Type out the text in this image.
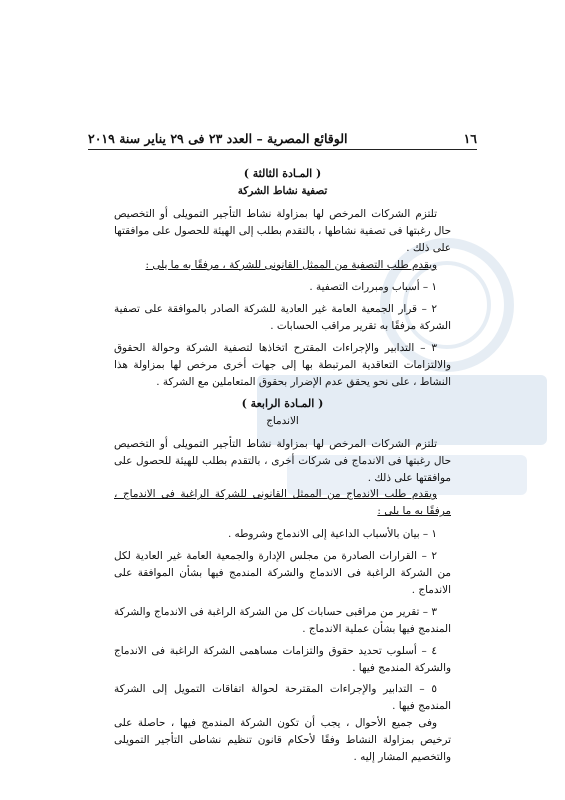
١٦
الوقائع المصرية – العدد ٢٣ فى ٢٩ يناير سنة ٢٠١٩
( المـادة الثالثة )
تصفية نشاط الشركة

تلتزم الشركات المرخص لها بمزاولة نشاط التأجير التمويلى أو التخصيص حال رغبتها فى تصفية نشاطها ، بالتقدم بطلب إلى الهيئة للحصول على موافقتها على ذلك .

ويقدم طلب التصفية من الممثل القانونى للشركة ، مرفقًا به ما يلى :

١ – أسباب ومبررات التصفية .

٢ – قرار الجمعية العامة غير العادية للشركة الصادر بالموافقة على تصفية الشركة مرفقًا به تقرير مراقب الحسابات .

٣ – التدابير والإجراءات المقترح اتخاذها لتصفية الشركة وحوالة الحقوق والالتزامات التعاقدية المرتبطة بها إلى جهات أخرى مرخص لها بمزاولة هذا النشاط ، على نحو يحقق عدم الإضرار بحقوق المتعاملين مع الشركة .

( المـادة الرابعة )
الاندماج

تلتزم الشركات المرخص لها بمزاولة نشاط التأجير التمويلى أو التخصيص حال رغبتها فى الاندماج فى شركات أخرى ، بالتقدم بطلب للهيئة للحصول على موافقتها على ذلك .

ويقدم طلب الاندماج من الممثل القانونى للشركة الراغبة فى الاندماج ، مرفقًا به ما يلى :

١ – بيان بالأسباب الداعية إلى الاندماج وشروطه .

٢ – القرارات الصادرة من مجلس الإدارة والجمعية العامة غير العادية لكل من الشركة الراغبة فى الاندماج والشركة المندمج فيها بشأن الموافقة على الاندماج .

٣ – تقرير من مراقبى حسابات كل من الشركة الراغبة فى الاندماج والشركة المندمج فيها بشأن عملية الاندماج .

٤ – أسلوب تحديد حقوق والتزامات مساهمى الشركة الراغبة فى الاندماج والشركة المندمج فيها .

٥ – التدابير والإجراءات المقترحة لحوالة اتفاقات التمويل إلى الشركة المندمج فيها .

وفى جميع الأحوال ، يجب أن تكون الشركة المندمج فيها ، حاصلة على ترخيص بمزاولة النشاط وفقًا لأحكام قانون تنظيم نشاطى التأجير التمويلى والتخصيم المشار إليه .
